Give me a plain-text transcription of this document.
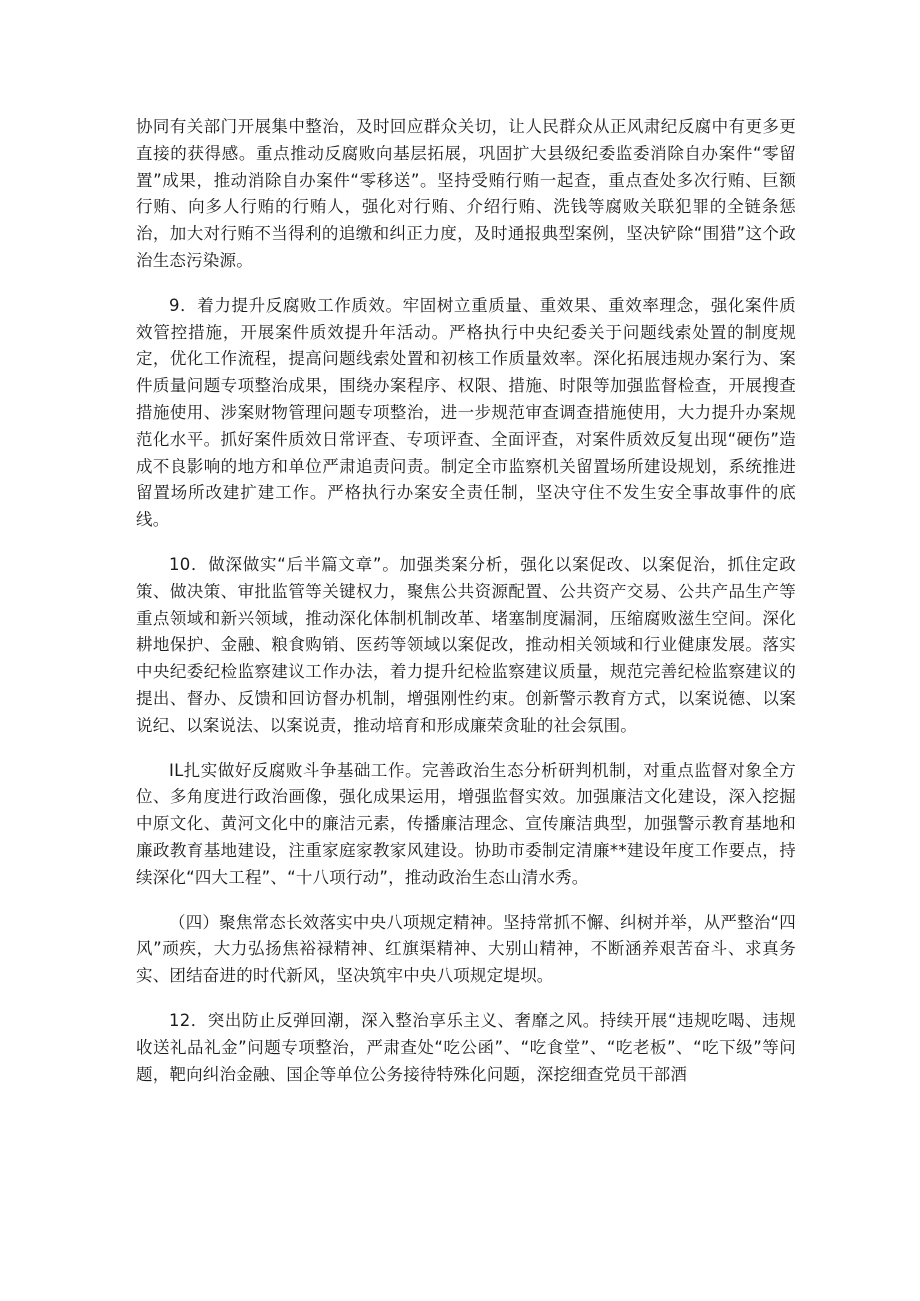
协同有关部门开展集中整治，及时回应群众关切，让人民群众从正风肃纪反腐中有更多更直接的获得感。重点推动反腐败向基层拓展，巩固扩大县级纪委监委消除自办案件“零留置”成果，推动消除自办案件“零移送”。坚持受贿行贿一起查，重点查处多次行贿、巨额行贿、向多人行贿的行贿人，强化对行贿、介绍行贿、洗钱等腐败关联犯罪的全链条惩治，加大对行贿不当得利的追缴和纠正力度，及时通报典型案例，坚决铲除“围猎”这个政治生态污染源。

9．着力提升反腐败工作质效。牢固树立重质量、重效果、重效率理念，强化案件质效管控措施，开展案件质效提升年活动。严格执行中央纪委关于问题线索处置的制度规定，优化工作流程，提高问题线索处置和初核工作质量效率。深化拓展违规办案行为、案件质量问题专项整治成果，围绕办案程序、权限、措施、时限等加强监督检查，开展搜查措施使用、涉案财物管理问题专项整治，进一步规范审查调查措施使用，大力提升办案规范化水平。抓好案件质效日常评查、专项评查、全面评查，对案件质效反复出现“硬伤”造成不良影响的地方和单位严肃追责问责。制定全市监察机关留置场所建设规划，系统推进留置场所改建扩建工作。严格执行办案安全责任制，坚决守住不发生安全事故事件的底线。

10．做深做实“后半篇文章”。加强类案分析，强化以案促改、以案促治，抓住定政策、做决策、审批监管等关键权力，聚焦公共资源配置、公共资产交易、公共产品生产等重点领域和新兴领域，推动深化体制机制改革、堵塞制度漏洞，压缩腐败滋生空间。深化耕地保护、金融、粮食购销、医药等领域以案促改，推动相关领域和行业健康发展。落实中央纪委纪检监察建议工作办法，着力提升纪检监察建议质量，规范完善纪检监察建议的提出、督办、反馈和回访督办机制，增强刚性约束。创新警示教育方式，以案说德、以案说纪、以案说法、以案说责，推动培育和形成廉荣贪耻的社会氛围。

IL扎实做好反腐败斗争基础工作。完善政治生态分析研判机制，对重点监督对象全方位、多角度进行政治画像，强化成果运用，增强监督实效。加强廉洁文化建设，深入挖掘中原文化、黄河文化中的廉洁元素，传播廉洁理念、宣传廉洁典型，加强警示教育基地和廉政教育基地建设，注重家庭家教家风建设。协助市委制定清廉**建设年度工作要点，持续深化“四大工程”、“十八项行动”，推动政治生态山清水秀。

（四）聚焦常态长效落实中央八项规定精神。坚持常抓不懈、纠树并举，从严整治“四风”顽疾，大力弘扬焦裕禄精神、红旗渠精神、大别山精神，不断涵养艰苦奋斗、求真务实、团结奋进的时代新风，坚决筑牢中央八项规定堤坝。

12．突出防止反弹回潮，深入整治享乐主义、奢靡之风。持续开展“违规吃喝、违规收送礼品礼金”问题专项整治，严肃查处“吃公函”、“吃食堂”、“吃老板”、“吃下级”等问题，靶向纠治金融、国企等单位公务接待特殊化问题，深挖细查党员干部酒
